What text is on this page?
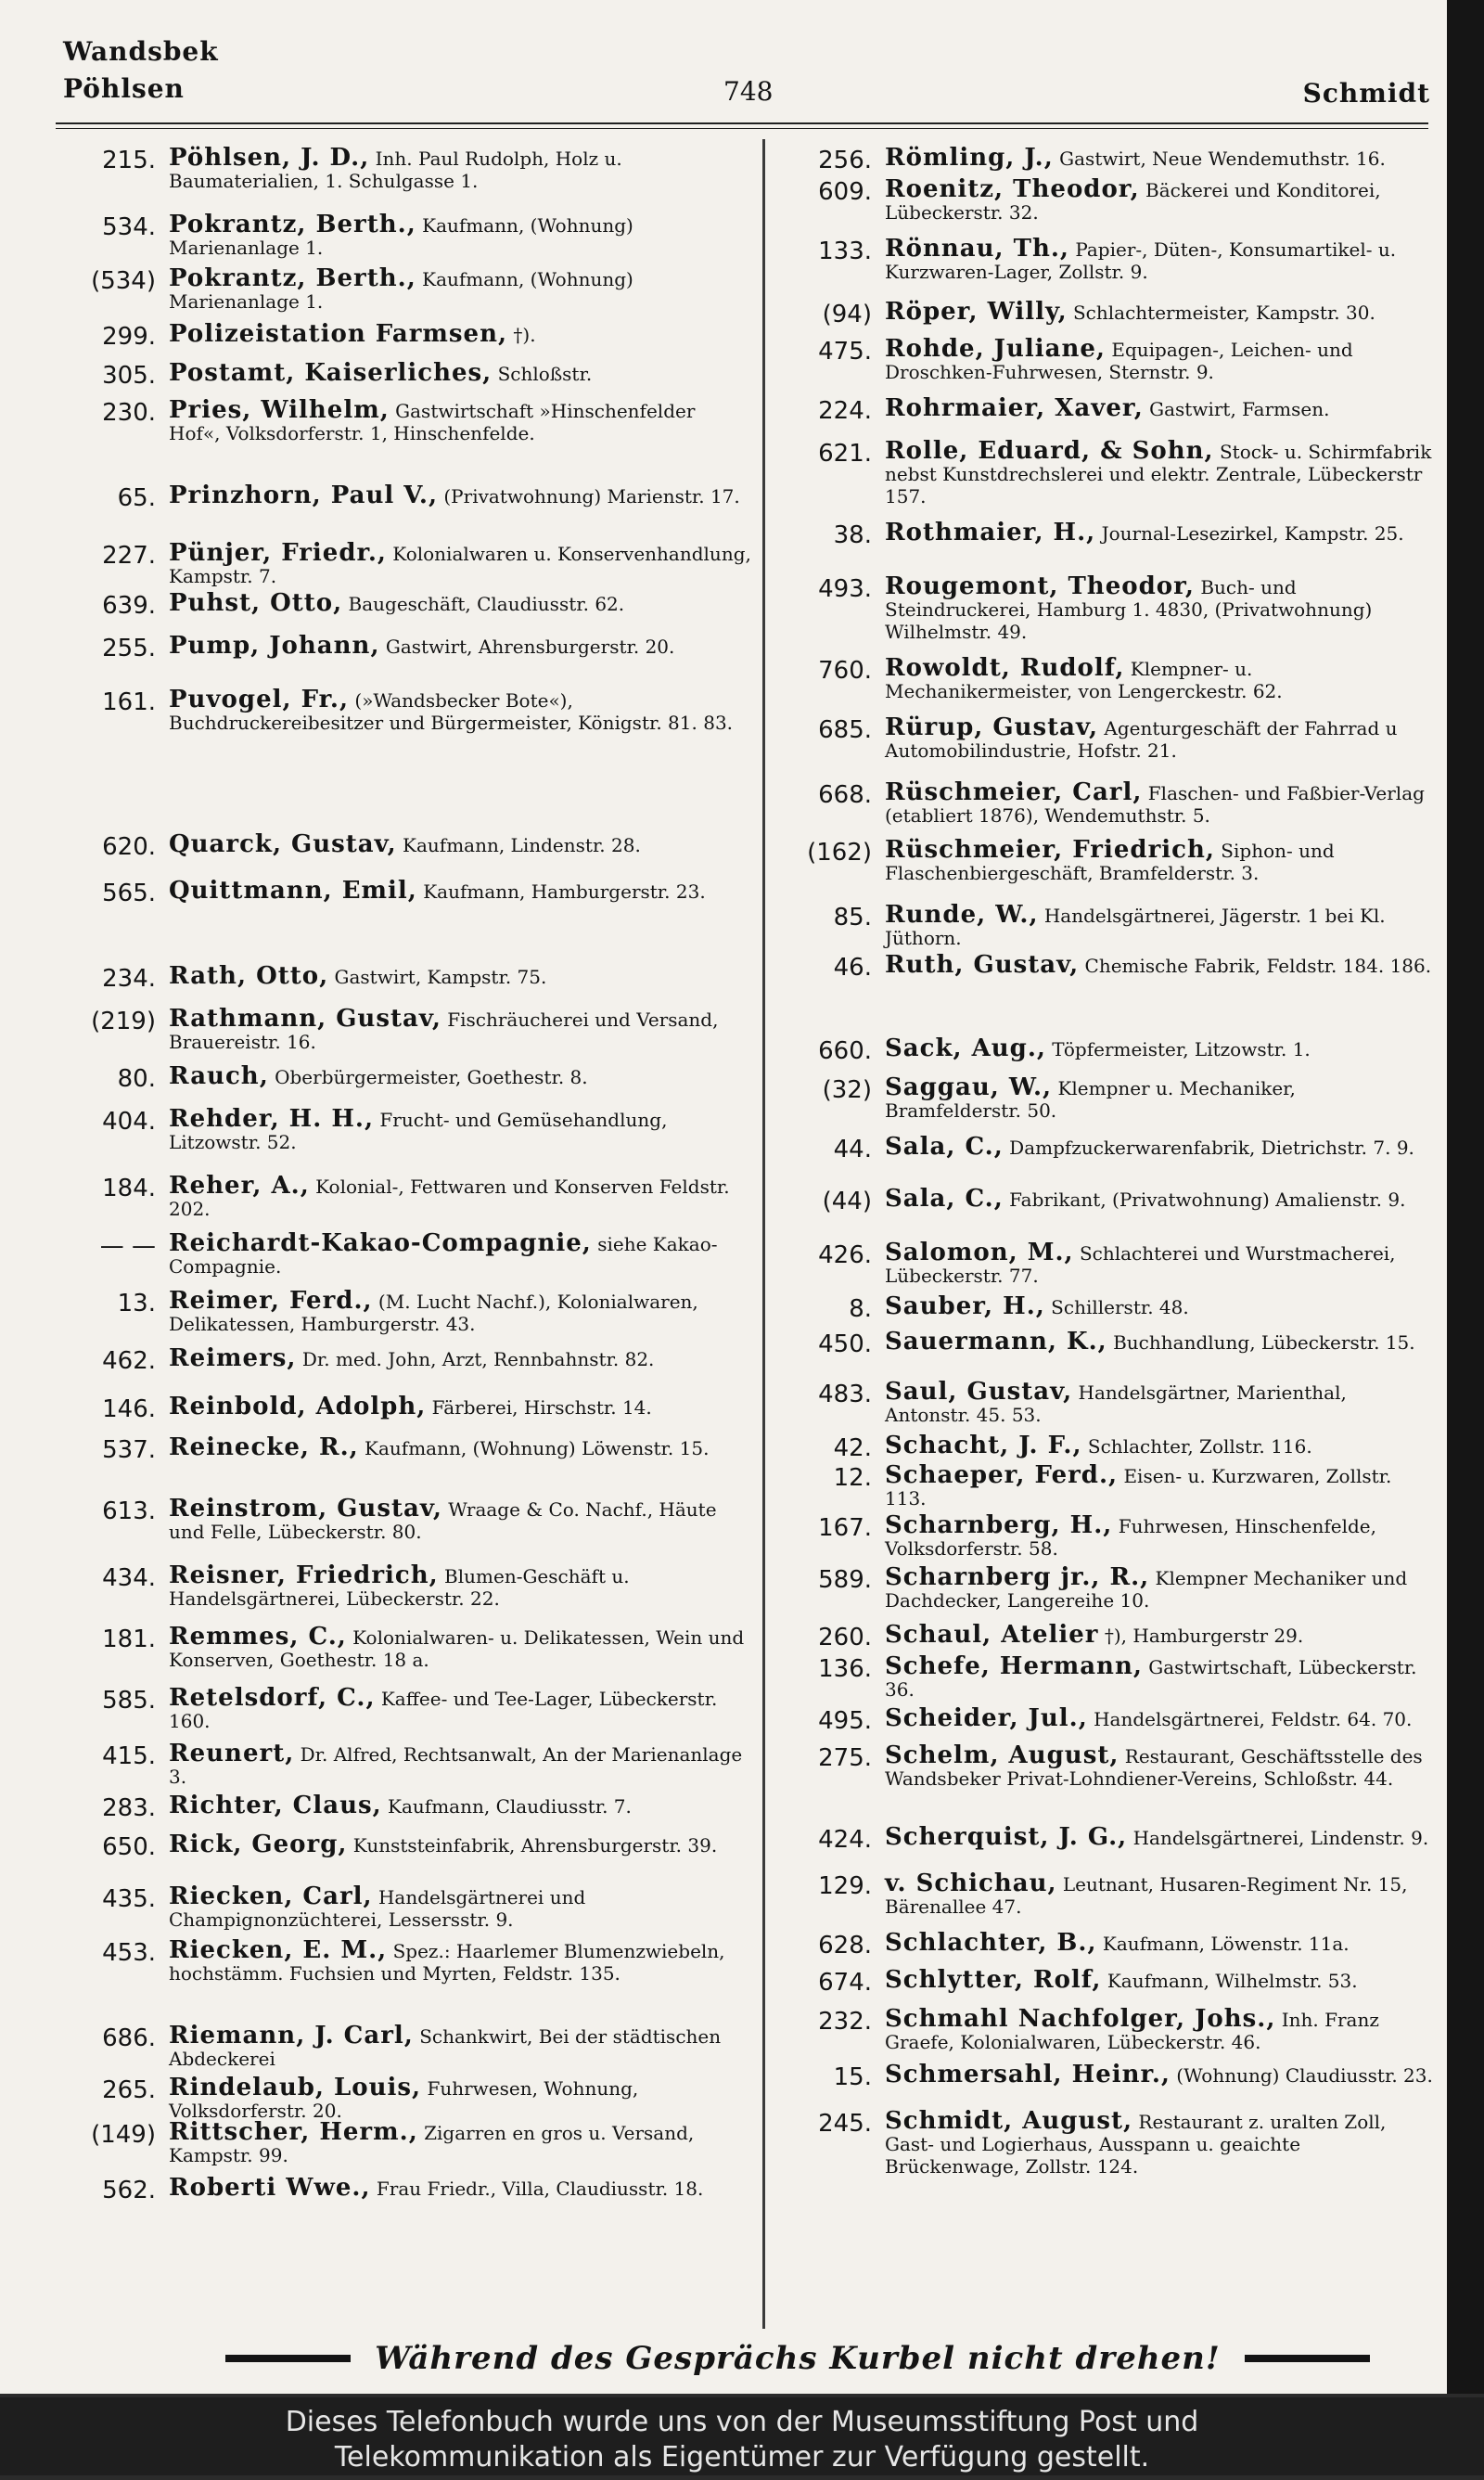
Wandsbek
Pöhlsen	748	Schmidt
215. Pöhlsen, J. D., Inh. Paul Rudolph, Holz u. Baumaterialien, 1. Schulgasse 1.
534. Pokrantz, Berth., Kaufmann, (Wohnung) Marienanlage 1.
(534) Pokrantz, Berth., Kaufmann, (Wohnung) Marienanlage 1.
299. Polizeistation Farmsen, †).
305. Postamt, Kaiserliches, Schloßstr.
230. Pries, Wilhelm, Gastwirtschaft »Hinschenfelder Hof«, Volksdorferstr. 1, Hinschenfelde.
65. Prinzhorn, Paul V., (Privatwohnung) Marienstr. 17.
227. Pünjer, Friedr., Kolonialwaren u. Konservenhandlung, Kampstr. 7.
639. Puhst, Otto, Baugeschäft, Claudiusstr. 62.
255. Pump, Johann, Gastwirt, Ahrensburgerstr. 20.
161. Puvogel, Fr., (»Wandsbecker Bote«), Buchdruckereibesitzer und Bürgermeister, Königstr. 81. 83.
620. Quarck, Gustav, Kaufmann, Lindenstr. 28.
565. Quittmann, Emil, Kaufmann, Hamburgerstr. 23.
234. Rath, Otto, Gastwirt, Kampstr. 75.
(219) Rathmann, Gustav, Fischräucherei und Versand, Brauereistr. 16.
80. Rauch, Oberbürgermeister, Goethestr. 8.
404. Rehder, H. H., Frucht- und Gemüsehandlung, Litzowstr. 52.
184. Reher, A., Kolonial-, Fettwaren und Konserven Feldstr. 202.
— — Reichardt-Kakao-Compagnie, siehe Kakao-Compagnie.
13. Reimer, Ferd., (M. Lucht Nachf.), Kolonialwaren, Delikatessen, Hamburgerstr. 43.
462. Reimers, Dr. med. John, Arzt, Rennbahnstr. 82.
146. Reinbold, Adolph, Färberei, Hirschstr. 14.
537. Reinecke, R., Kaufmann, (Wohnung) Löwenstr. 15.
613. Reinstrom, Gustav, Wraage & Co. Nachf., Häute und Felle, Lübeckerstr. 80.
434. Reisner, Friedrich, Blumen-Geschäft u. Handelsgärtnerei, Lübeckerstr. 22.
181. Remmes, C., Kolonialwaren- u. Delikatessen, Wein und Konserven, Goethestr. 18 a.
585. Retelsdorf, C., Kaffee- und Tee-Lager, Lübeckerstr. 160.
415. Reunert, Dr. Alfred, Rechtsanwalt, An der Marienanlage 3.
283. Richter, Claus, Kaufmann, Claudiusstr. 7.
650. Rick, Georg, Kunststeinfabrik, Ahrensburgerstr. 39.
435. Riecken, Carl, Handelsgärtnerei und Champignonzüchterei, Lessersstr. 9.
453. Riecken, E. M., Spez.: Haarlemer Blumenzwiebeln, hochstämm. Fuchsien und Myrten, Feldstr. 135.
686. Riemann, J. Carl, Schankwirt, Bei der städtischen Abdeckerei
265. Rindelaub, Louis, Fuhrwesen, Wohnung, Volksdorferstr. 20.
(149) Rittscher, Herm., Zigarren en gros u. Versand, Kampstr. 99.
562. Roberti Wwe., Frau Friedr., Villa, Claudiusstr. 18.
256. Römling, J., Gastwirt, Neue Wendemuthstr. 16.
609. Roenitz, Theodor, Bäckerei und Konditorei, Lübeckerstr. 32.
133. Rönnau, Th., Papier-, Düten-, Konsumartikel- u. Kurzwaren-Lager, Zollstr. 9.
(94) Röper, Willy, Schlachtermeister, Kampstr. 30.
475. Rohde, Juliane, Equipagen-, Leichen- und Droschken-Fuhrwesen, Sternstr. 9.
224. Rohrmaier, Xaver, Gastwirt, Farmsen.
621. Rolle, Eduard, & Sohn, Stock- u. Schirmfabrik nebst Kunstdrechslerei und elektr. Zentrale, Lübeckerstr 157.
38. Rothmaier, H., Journal-Lesezirkel, Kampstr. 25.
493. Rougemont, Theodor, Buch- und Steindruckerei, Hamburg 1. 4830, (Privatwohnung) Wilhelmstr. 49.
760. Rowoldt, Rudolf, Klempner- u. Mechanikermeister, von Lengerckestr. 62.
685. Rürup, Gustav, Agenturgeschäft der Fahrrad u Automobilindustrie, Hofstr. 21.
668. Rüschmeier, Carl, Flaschen- und Faßbier-Verlag (etabliert 1876), Wendemuthstr. 5.
(162) Rüschmeier, Friedrich, Siphon- und Flaschenbiergeschäft, Bramfelderstr. 3.
85. Runde, W., Handelsgärtnerei, Jägerstr. 1 bei Kl. Jüthorn.
46. Ruth, Gustav, Chemische Fabrik, Feldstr. 184. 186.
660. Sack, Aug., Töpfermeister, Litzowstr. 1.
(32) Saggau, W., Klempner u. Mechaniker, Bramfelderstr. 50.
44. Sala, C., Dampfzuckerwarenfabrik, Dietrichstr. 7. 9.
(44) Sala, C., Fabrikant, (Privatwohnung) Amalienstr. 9.
426. Salomon, M., Schlachterei und Wurstmacherei, Lübeckerstr. 77.
8. Sauber, H., Schillerstr. 48.
450. Sauermann, K., Buchhandlung, Lübeckerstr. 15.
483. Saul, Gustav, Handelsgärtner, Marienthal, Antonstr. 45. 53.
42. Schacht, J. F., Schlachter, Zollstr. 116.
12. Schaeper, Ferd., Eisen- u. Kurzwaren, Zollstr. 113.
167. Scharnberg, H., Fuhrwesen, Hinschenfelde, Volksdorferstr. 58.
589. Scharnberg jr., R., Klempner Mechaniker und Dachdecker, Langereihe 10.
260. Schaul, Atelier †), Hamburgerstr 29.
136. Schefe, Hermann, Gastwirtschaft, Lübeckerstr. 36.
495. Scheider, Jul., Handelsgärtnerei, Feldstr. 64. 70.
275. Schelm, August, Restaurant, Geschäftsstelle des Wandsbeker Privat-Lohndiener-Vereins, Schloßstr. 44.
424. Scherquist, J. G., Handelsgärtnerei, Lindenstr. 9.
129. v. Schichau, Leutnant, Husaren-Regiment Nr. 15, Bärenallee 47.
628. Schlachter, B., Kaufmann, Löwenstr. 11a.
674. Schlytter, Rolf, Kaufmann, Wilhelmstr. 53.
232. Schmahl Nachfolger, Johs., Inh. Franz Graefe, Kolonialwaren, Lübeckerstr. 46.
15. Schmersahl, Heinr., (Wohnung) Claudiusstr. 23.
245. Schmidt, August, Restaurant z. uralten Zoll, Gast- und Logierhaus, Ausspann u. geaichte Brückenwage, Zollstr. 124.
Während des Gesprächs Kurbel nicht drehen!
Dieses Telefonbuch wurde uns von der Museumsstiftung Post und
Telekommunikation als Eigentümer zur Verfügung gestellt.
